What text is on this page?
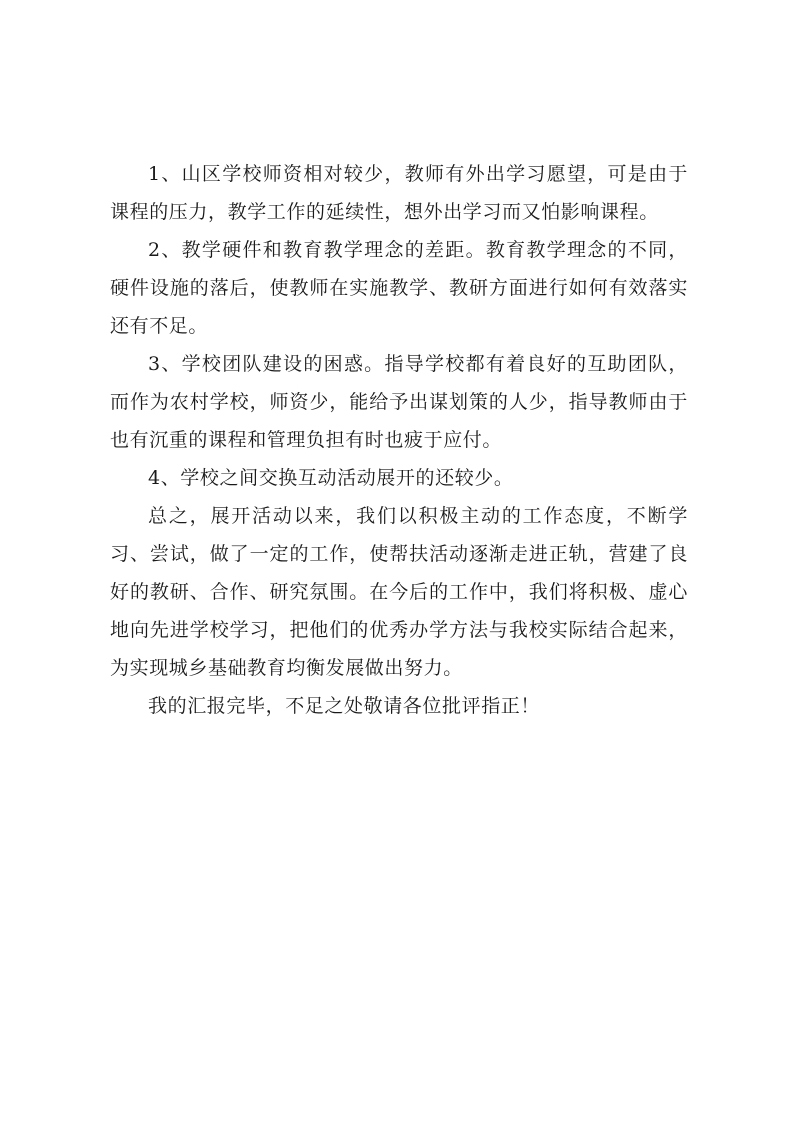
1、山区学校师资相对较少，教师有外出学习愿望，可是由于课程的压力，教学工作的延续性，想外出学习而又怕影响课程。

2、教学硬件和教育教学理念的差距。教育教学理念的不同，硬件设施的落后，使教师在实施教学、教研方面进行如何有效落实还有不足。

3、学校团队建设的困惑。指导学校都有着良好的互助团队，而作为农村学校，师资少，能给予出谋划策的人少，指导教师由于也有沉重的课程和管理负担有时也疲于应付。

4、学校之间交换互动活动展开的还较少。

总之，展开活动以来，我们以积极主动的工作态度，不断学习、尝试，做了一定的工作，使帮扶活动逐渐走进正轨，营建了良好的教研、合作、研究氛围。在今后的工作中，我们将积极、虚心地向先进学校学习，把他们的优秀办学方法与我校实际结合起来，为实现城乡基础教育均衡发展做出努力。

我的汇报完毕，不足之处敬请各位批评指正！
